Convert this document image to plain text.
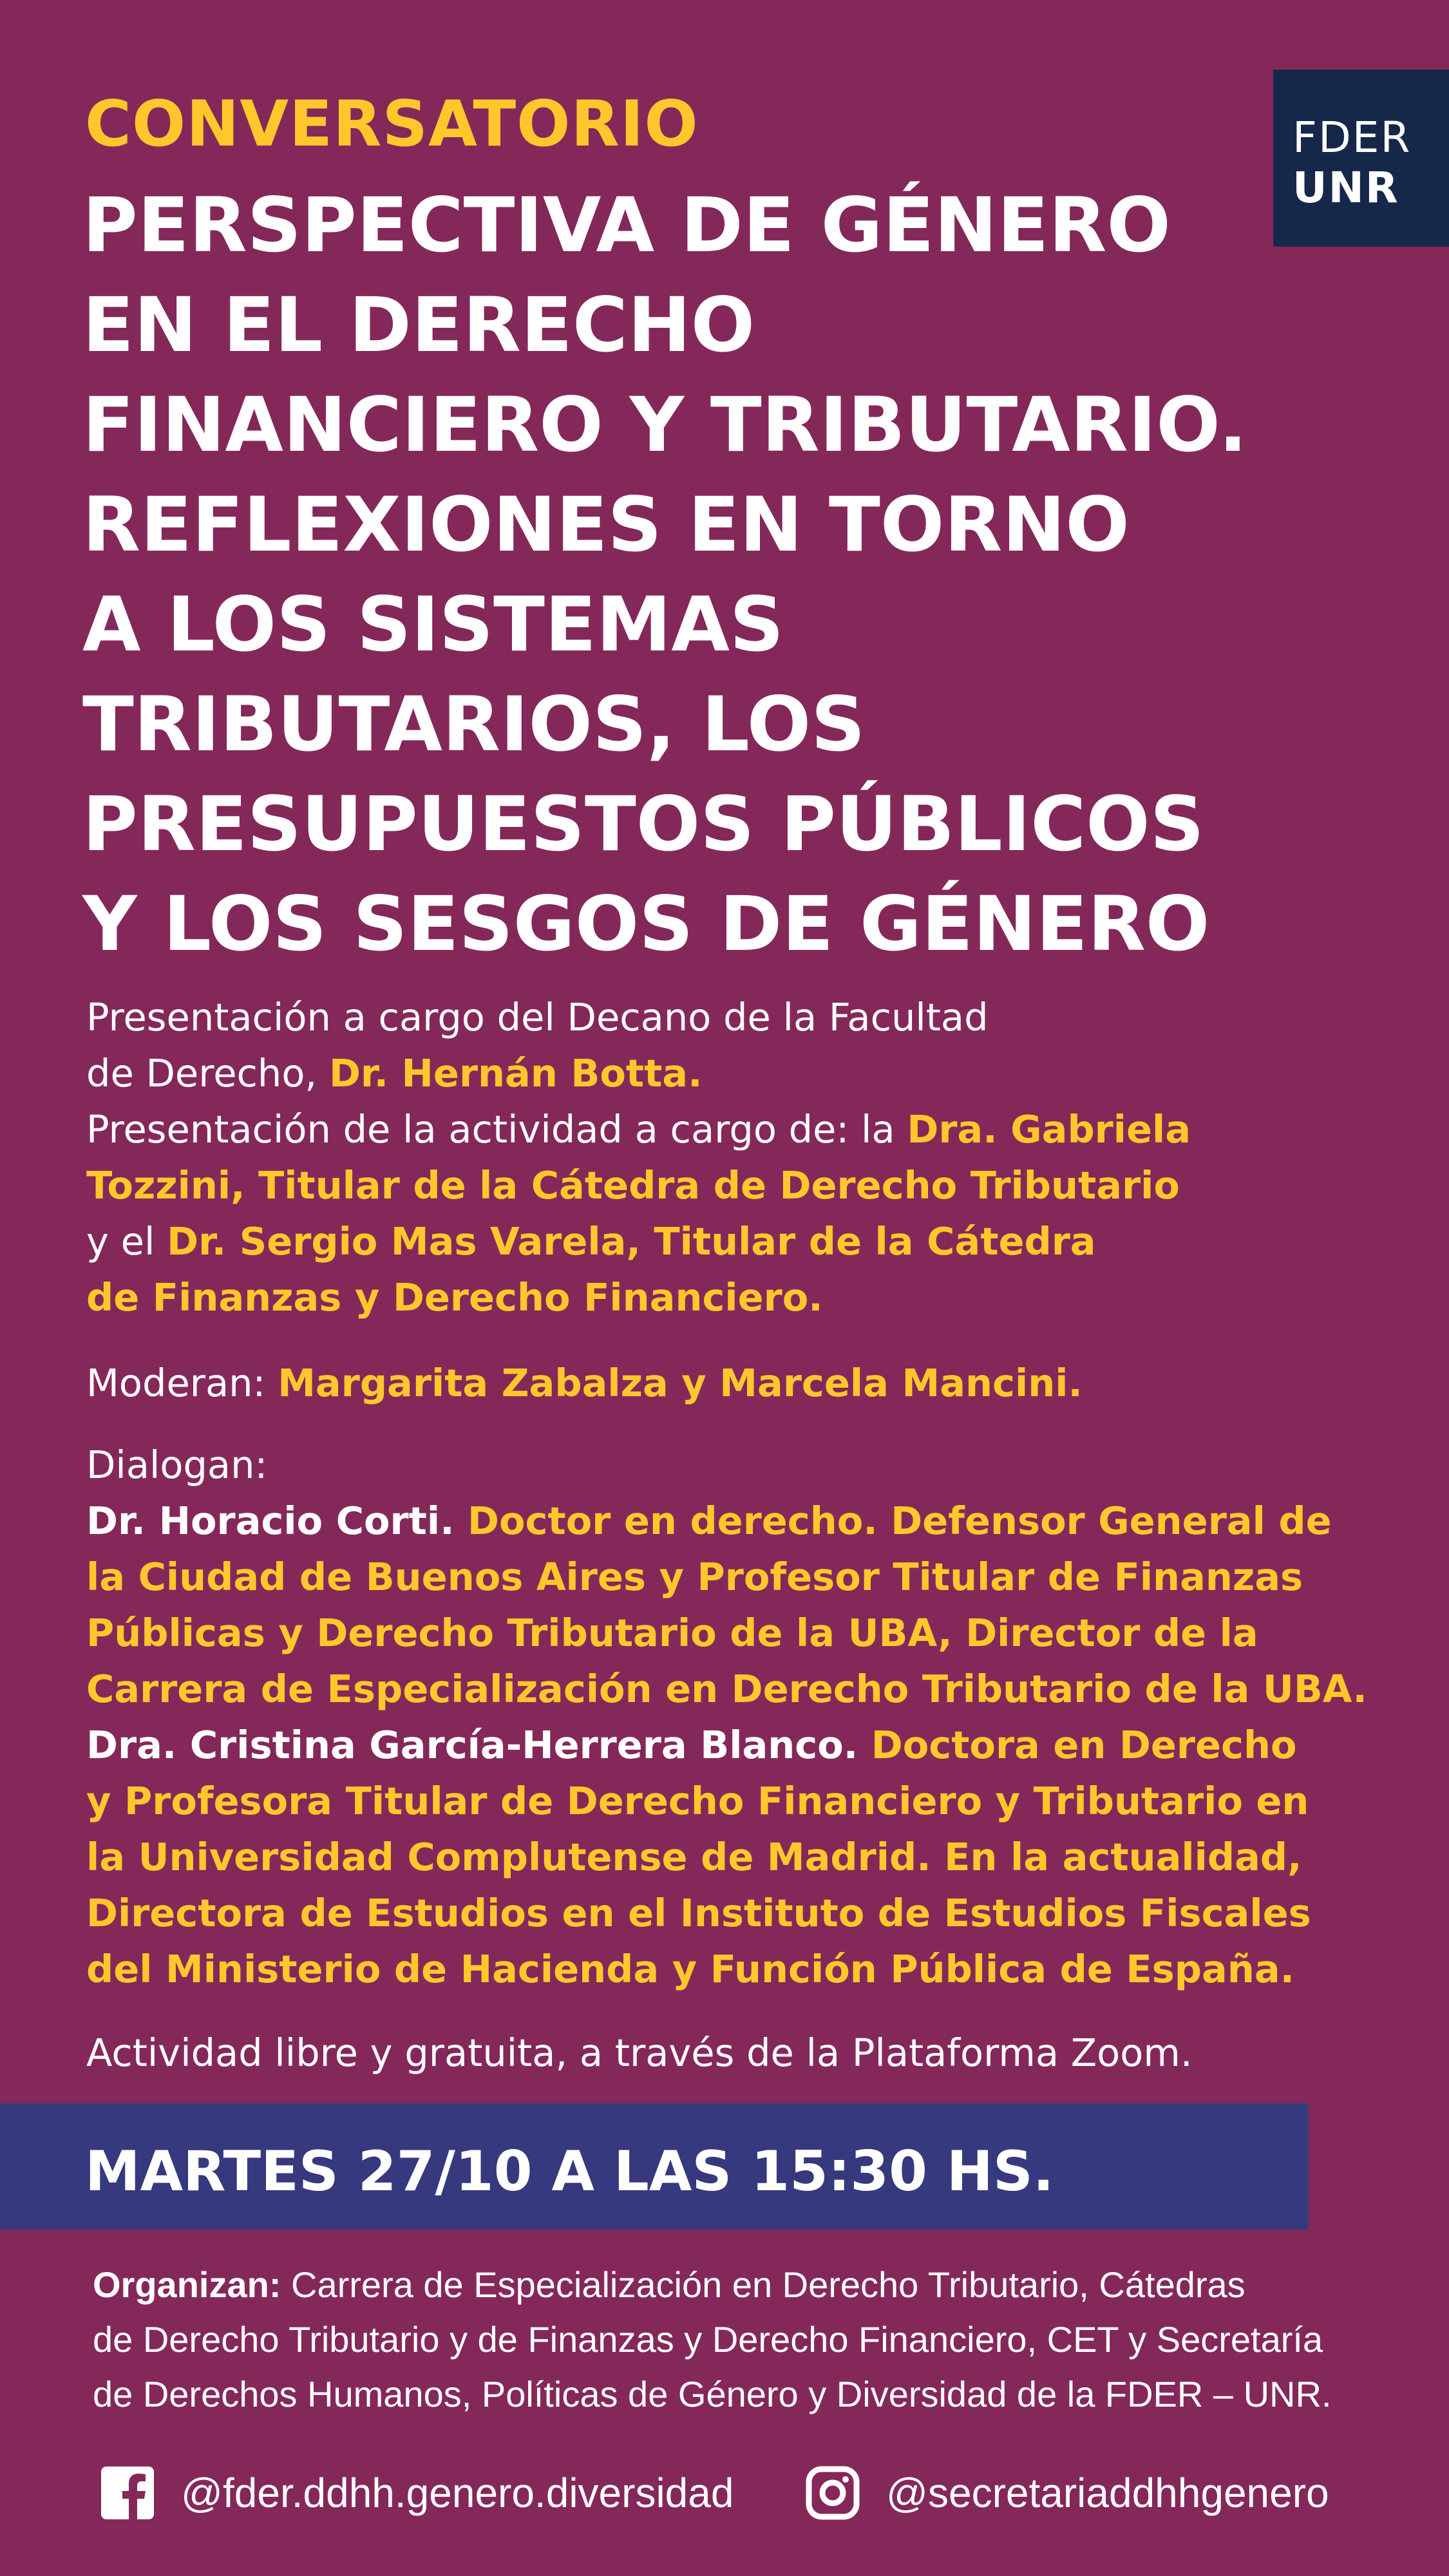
FDER
UNR
CONVERSATORIO
PERSPECTIVA DE GÉNERO
EN EL DERECHO
FINANCIERO Y TRIBUTARIO.
REFLEXIONES EN TORNO
A LOS SISTEMAS
TRIBUTARIOS, LOS
PRESUPUESTOS PÚBLICOS
Y LOS SESGOS DE GÉNERO
Presentación a cargo del Decano de la Facultad
de Derecho, Dr. Hernán Botta.
Presentación de la actividad a cargo de: la Dra. Gabriela
Tozzini, Titular de la Cátedra de Derecho Tributario
y el Dr. Sergio Mas Varela, Titular de la Cátedra
de Finanzas y Derecho Financiero.
Moderan: Margarita Zabalza y Marcela Mancini.
Dialogan:
Dr. Horacio Corti. Doctor en derecho. Defensor General de
la Ciudad de Buenos Aires y Profesor Titular de Finanzas
Públicas y Derecho Tributario de la UBA, Director de la
Carrera de Especialización en Derecho Tributario de la UBA.
Dra. Cristina García-Herrera Blanco. Doctora en Derecho
y Profesora Titular de Derecho Financiero y Tributario en
la Universidad Complutense de Madrid. En la actualidad,
Directora de Estudios en el Instituto de Estudios Fiscales
del Ministerio de Hacienda y Función Pública de España.
Actividad libre y gratuita, a través de la Plataforma Zoom.
MARTES 27/10 A LAS 15:30 HS.
Organizan: Carrera de Especialización en Derecho Tributario, Cátedras
de Derecho Tributario y de Finanzas y Derecho Financiero, CET y Secretaría
de Derechos Humanos, Políticas de Género y Diversidad de la FDER – UNR.
@fder.ddhh.genero.diversidad	@secretariaddhhgenero
